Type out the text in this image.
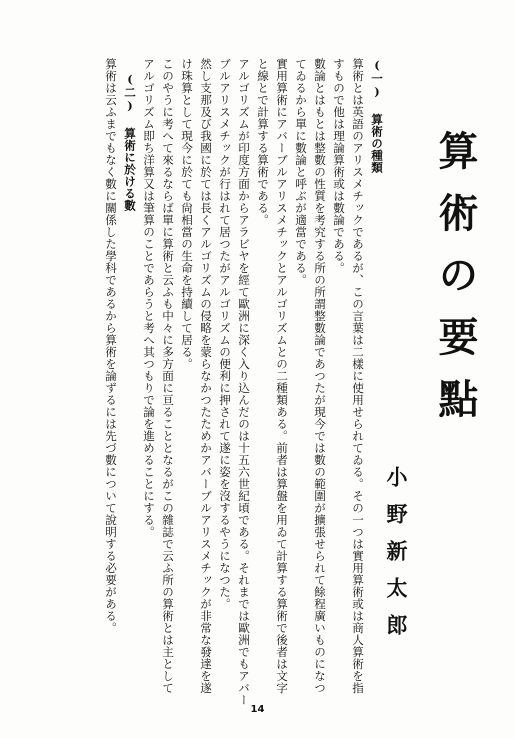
算術の要點
小野新太郎
(一) 算術の種類
算術とは英語のアリスメチックであるが、この言葉は二樣に使用せられてゐる。その一つは實用算術或は商人算術を指
すもので他は理論算術或は數論である。
數論とはもとは整數の性質を考究する所の所謂整數論であつたが現今では數の範圍が擴張せられて餘程廣いものになつ
てゐるから單に數論と呼ぶが適當である。
實用算術にアバーブルアリスメチックとアルゴリズムとの二種類ある。前者は算盤を用ゐて計算する算術で後者は文字
と線とで計算する算術である。
アルゴリズムが印度方面からアラビヤを經て歐洲に深く入り込んだのは十五六世紀頃である。それまでは歐洲でもアバー
ブルアリスメチックが行はれて居つたがアルゴリズムの便利に押されて遂に姿を沒するやうになつた。
然し支那及び我國に於ては長くアルゴリズムの侵略を蒙らなかつたためかアバーブルアリスメチックが非常な發達を遂
け珠算として現今に於ても尙相當の生命を持續して居る。
このやうに考へて來るならば單に算術と云ふも中々に多方面に亘ることとなるがこの雜誌で云ふ所の算術とは主として
アルゴリズム即ち洋算又は筆算のことであらうと考へ其つもりで論を進めることにする。
(二) 算術に於ける數
算術は云ふまでもなく數に關係した學科であるから算術を論ずるには先づ數について說明する必要がある。
14
